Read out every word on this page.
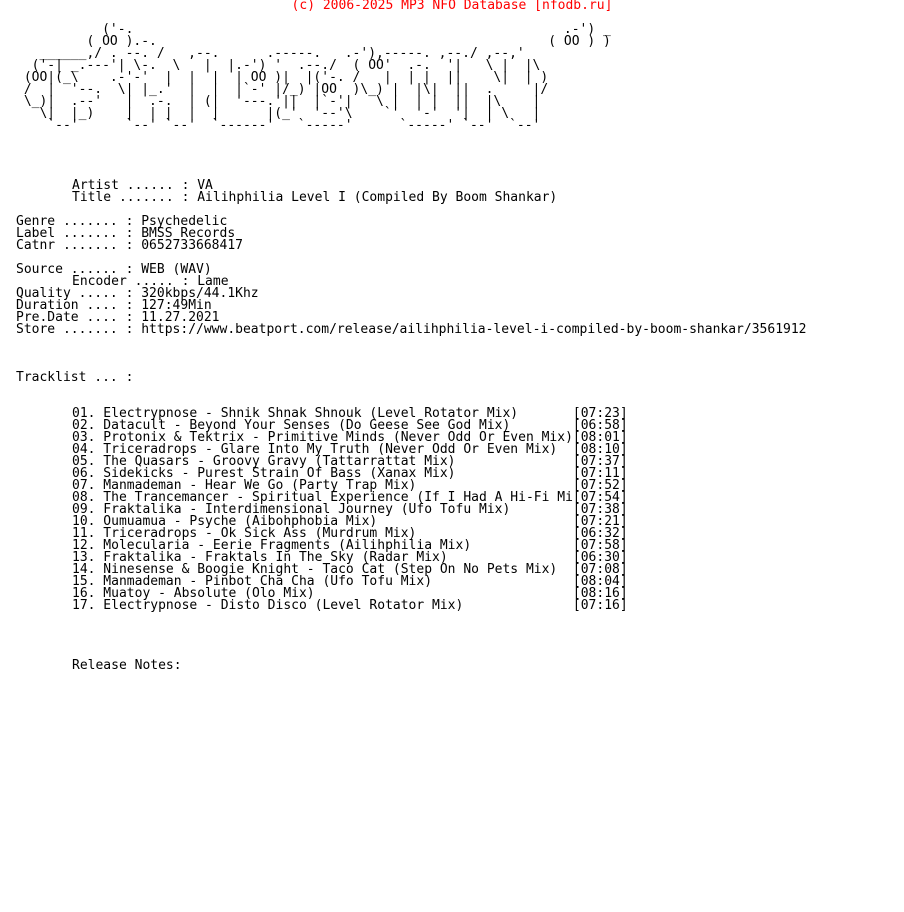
(c) 2006-2025 MP3 NFO Database [nfodb.ru]
('-.                                                       .-') _
( OO ).-.                                                  ( OO ) )
______,/ . --. /   ,--.      .-----.   .-'),-----. ,--./ ,--,'
('-| _.---'| \-.  \   |  |.-') '  .--./  ( OO'  .-.  '|   \ |  |\
(OO|(_\    .-'-'  |  |  |  | OO )|  |('-. /   |  | |  ||    \|  | )
/  |  '--.  \| |_.'  |  |  |`-' |/_) |OO  )\_) |  |\|  ||  .     |/
\_)|  .--'   |  .-.  | (|  '---.'||  |`-'|   \ |  | |  ||  |\    |
\|  |_)    |  | |  |  |      |(_'  '--'\    `'  '-'  '|  | \   |
`--'      `--' `--'  `------'   `-----'      `-----' `--'  `--'

Artist ...... : VA
Title ....... : Ailihphilia Level I (Compiled By Boom Shankar)
Genre ....... : Psychedelic
Label ....... : BMSS Records
Catnr ....... : 0652733668417
Source ...... : WEB (WAV)
Encoder ..... : Lame
Quality ..... : 320kbps/44.1Khz
Duration .... : 127:49Min
Pre.Date .... : 11.27.2021
Store ....... : https://www.beatport.com/release/ailihphilia-level-i-compiled-by-boom-shankar/3561912
Tracklist ... :
01. Electrypnose - Shnik Shnak Shnouk (Level Rotator Mix)       [07:23]
02. Datacult - Beyond Your Senses (Do Geese See God Mix)        [06:58]
03. Protonix & Tektrix - Primitive Minds (Never Odd Or Even Mix)[08:01]
04. Triceradrops - Glare Into My Truth (Never Odd Or Even Mix)  [08:10]
05. The Quasars - Groovy Gravy (Tattarrattat Mix)               [07:37]
06. Sidekicks - Purest Strain Of Bass (Xanax Mix)               [07:11]
07. Manmademan - Hear We Go (Party Trap Mix)                    [07:52]
08. The Trancemancer - Spiritual Experience (If I Had A Hi-Fi Mi[07:54]
09. Fraktalika - Interdimensional Journey (Ufo Tofu Mix)        [07:38]
10. Oumuamua - Psyche (Aibohphobia Mix)                         [07:21]
11. Triceradrops - Ok Sick Ass (Murdrum Mix)                    [06:32]
12. Molecularia - Eerie Fragments (Ailihphilia Mix)             [07:58]
13. Fraktalika - Fraktals In The Sky (Radar Mix)                [06:30]
14. Ninesense & Boogie Knight - Taco Cat (Step On No Pets Mix)  [07:08]
15. Manmademan - Pinbot Cha Cha (Ufo Tofu Mix)                  [08:04]
16. Muatoy - Absolute (Olo Mix)                                 [08:16]
17. Electrypnose - Disto Disco (Level Rotator Mix)              [07:16]
Release Notes:
